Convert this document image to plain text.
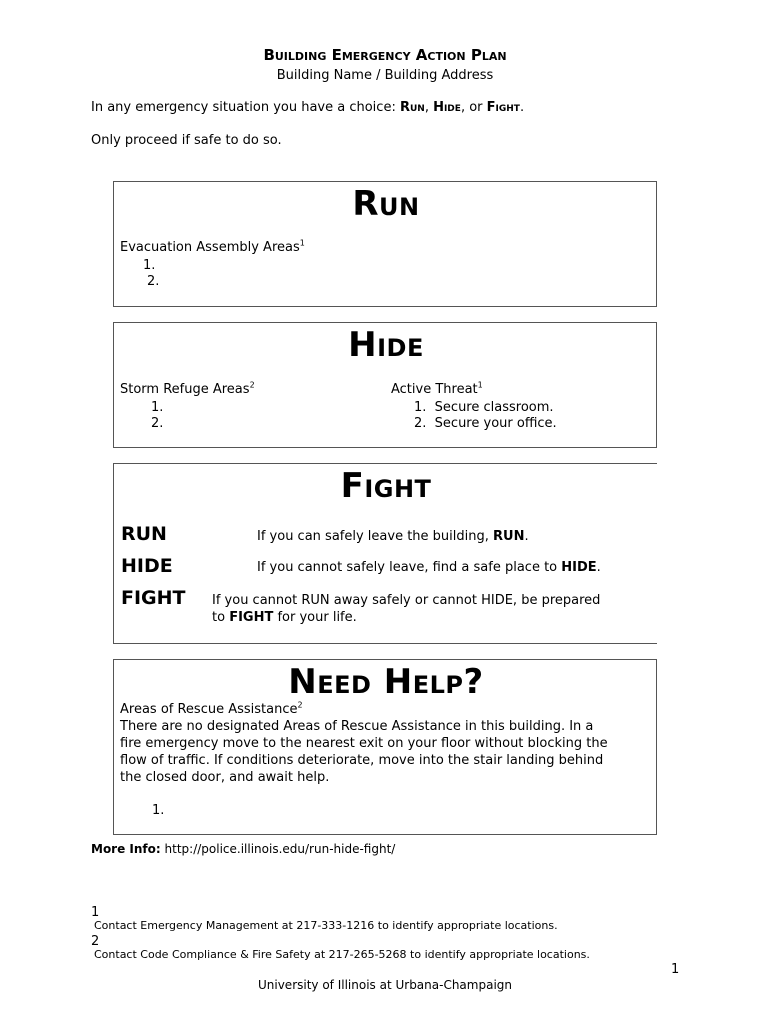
Building Emergency Action Plan
Building Name / Building Address
In any emergency situation you have a choice: Run, Hide, or Fight.
Only proceed if safe to do so.
Run
Evacuation Assembly Areas$^1$
1.
2.
Hide
Storm Refuge Areas$^2$
1.
2.
Active Threat$^1$
1. Secure classroom.
2. Secure your office.
Fight
RUN	If you can safely leave the building, RUN.
HIDE	If you cannot safely leave, find a safe place to HIDE.
FIGHT If you cannot RUN away safely or cannot HIDE, be prepared
to FIGHT for your life.
Need Help?
Areas of Rescue Assistance$^2$
There are no designated Areas of Rescue Assistance in this building. In a
fire emergency move to the nearest exit on your floor without blocking the
flow of traffic. If conditions deteriorate, move into the stair landing behind
the closed door, and await help.
1.
More Info: http://police.illinois.edu/run-hide-fight/
1
Contact Emergency Management at 217-333-1216 to identify appropriate locations.
2
Contact Code Compliance & Fire Safety at 217-265-5268 to identify appropriate locations.
1
University of Illinois at Urbana-Champaign
